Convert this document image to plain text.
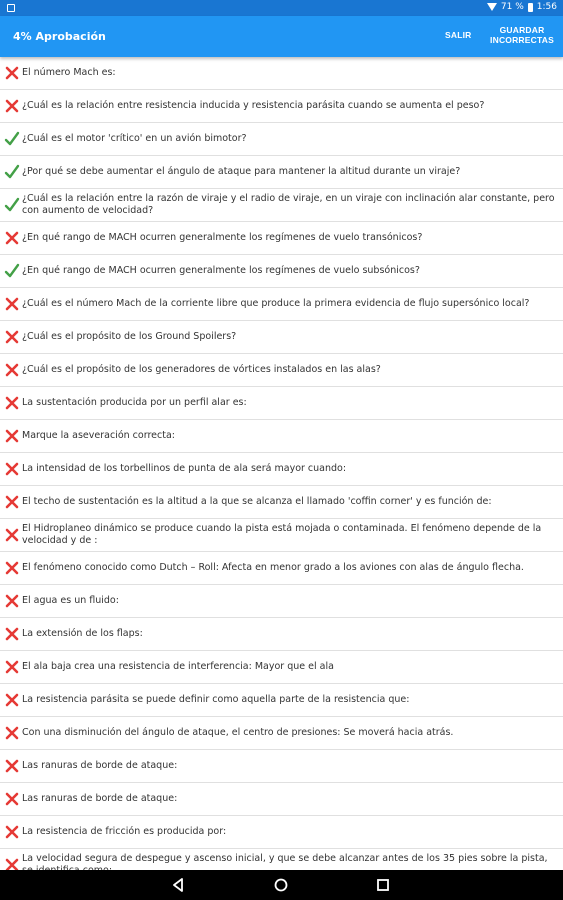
71 % 1:56
4% Aprobación	SALIR	GUARDAR
INCORRECTAS
El número Mach es:
¿Cuál es la relación entre resistencia inducida y resistencia parásita cuando se aumenta el peso?
¿Cuál es el motor 'crítico' en un avión bimotor?
¿Por qué se debe aumentar el ángulo de ataque para mantener la altitud durante un viraje?
¿Cuál es la relación entre la razón de viraje y el radio de viraje, en un viraje con inclinación alar constante, pero con aumento de velocidad?
¿En qué rango de MACH ocurren generalmente los regímenes de vuelo transónicos?
¿En qué rango de MACH ocurren generalmente los regímenes de vuelo subsónicos?
¿Cuál es el número Mach de la corriente libre que produce la primera evidencia de flujo supersónico local?
¿Cuál es el propósito de los Ground Spoilers?
¿Cuál es el propósito de los generadores de vórtices instalados en las alas?
La sustentación producida por un perfil alar es:
Marque la aseveración correcta:
La intensidad de los torbellinos de punta de ala será mayor cuando:
El techo de sustentación es la altitud a la que se alcanza el llamado 'coffin corner' y es función de:
El Hidroplaneo dinámico se produce cuando la pista está mojada o contaminada. El fenómeno depende de la velocidad y de :
El fenómeno conocido como Dutch – Roll: Afecta en menor grado a los aviones con alas de ángulo flecha.
El agua es un fluido:
La extensión de los flaps:
El ala baja crea una resistencia de interferencia: Mayor que el ala
La resistencia parásita se puede definir como aquella parte de la resistencia que:
Con una disminución del ángulo de ataque, el centro de presiones: Se moverá hacia atrás.
Las ranuras de borde de ataque:
Las ranuras de borde de ataque:
La resistencia de fricción es producida por:
La velocidad segura de despegue y ascenso inicial, y que se debe alcanzar antes de los 35 pies sobre la pista,
